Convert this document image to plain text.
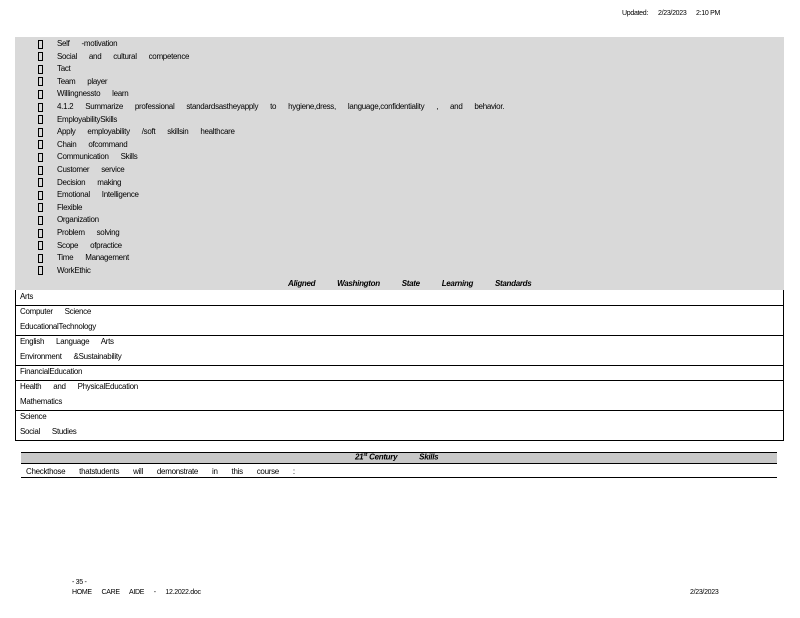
Updated: 2/23/2023 2:10 PM
Self -motivation
Social and cultural competence
Tact
Team player
Willingnessto learn
4.1.2 Summarize professional standardsastheyapply to hygiene,dress, language,confidentiality , and behavior.
EmployabilitySkills
Apply employability /soft skillsin healthcare
Chain ofcommand
Communication Skills
Customer service
Decision making
Emotional Intelligence
Flexible
Organization
Problem solving
Scope ofpractice
Time Management
WorkEthic
Aligned Washington State Learning Standards
Arts
Computer Science
EducationalTechnology
English Language Arts
Environment &Sustainability
FinancialEducation
Health and PhysicalEducation
Mathematics
Science
Social Studies
21st Century Skills
Checkthose thatstudents will demonstrate in this course :
- 35 -
HOME CARE AIDE - 12.2022.doc	2/23/2023
